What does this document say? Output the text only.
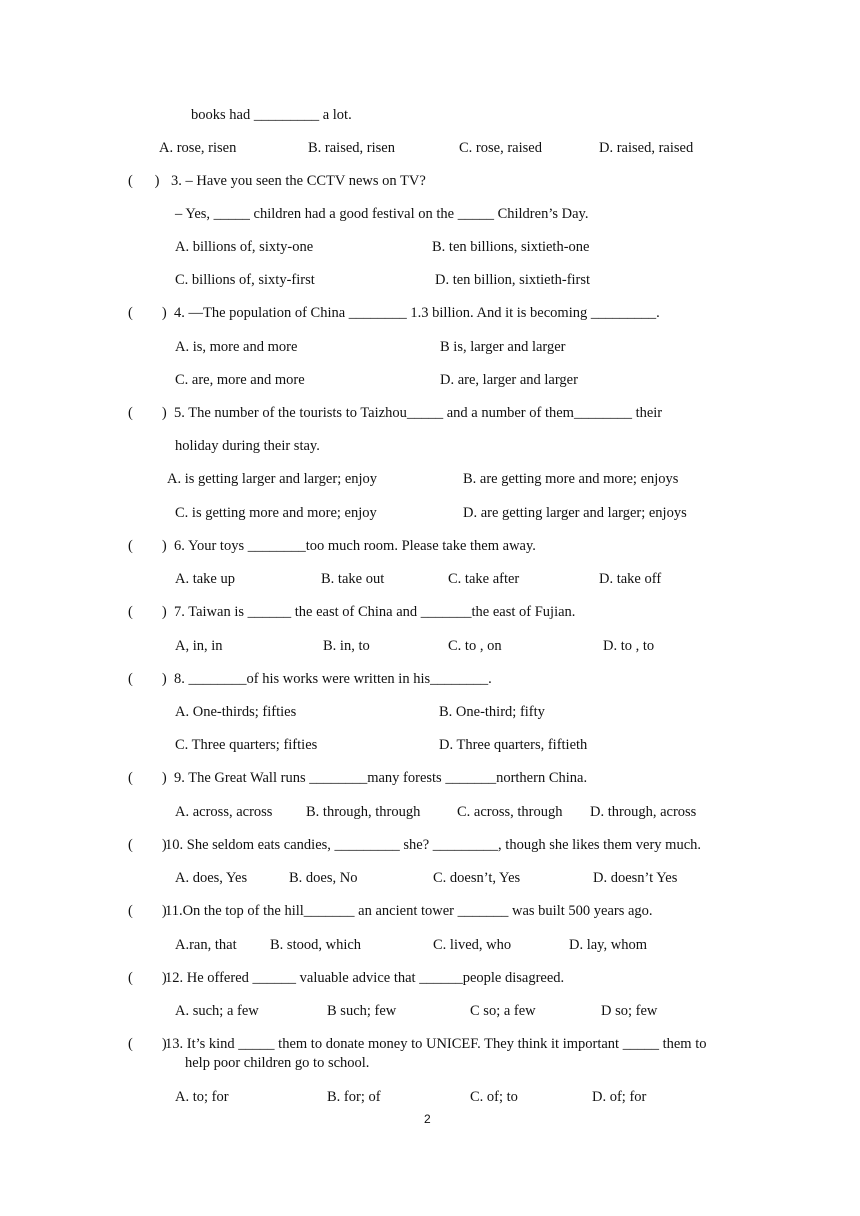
books had _________ a lot.
A. rose, risen	B. raised, risen	C. rose, raised	D. raised, raised
(      ) 3. – Have you seen the CCTV news on TV?
– Yes, _____ children had a good festival on the _____ Children’s Day.
A. billions of, sixty-one	B. ten billions, sixtieth-one
C. billions of, sixty-first	D. ten billion, sixtieth-first
(        ) 4. —The population of China ________ 1.3 billion. And it is becoming _________.
A. is, more and more	B is, larger and larger
C. are, more and more	D. are, larger and larger
(        ) 5. The number of the tourists to Taizhou_____ and a number of them________ their
holiday during their stay.
A. is getting larger and larger; enjoy	B. are getting more and more; enjoys
C. is getting more and more; enjoy	D. are getting larger and larger; enjoys
(        ) 6. Your toys ________too much room. Please take them away.
A. take up	B. take out	C. take after	D. take off
(        ) 7. Taiwan is ______ the east of China and _______the east of Fujian.
A, in, in	B. in, to	C. to , on	D. to , to
(        ) 8. ________of his works were written in his________.
A. One-thirds; fifties	B. One-third; fifty
C. Three quarters; fifties	D. Three quarters, fiftieth
(        ) 9. The Great Wall runs ________many forests _______northern China.
A. across, across B. through, through	C. across, through D. through, across
(        )
10. She seldom eats candies, _________ she? _________, though she likes them very much.
A. does, Yes	B. does, No	C. doesn’t, Yes	D. doesn’t Yes
(        )
11.On the top of the hill_______ an ancient tower _______ was built 500 years ago.
A.ran, that B. stood, which	C. lived, who	D. lay, whom
(        )
12. He offered ______ valuable advice that ______people disagreed.
A. such; a few	B such; few	C so; a few	D so; few
(        )
13. It’s kind _____ them to donate money to UNICEF. They think it important _____ them to help poor children go to school.
A. to; for	B. for; of	C. of; to	D. of; for
2
